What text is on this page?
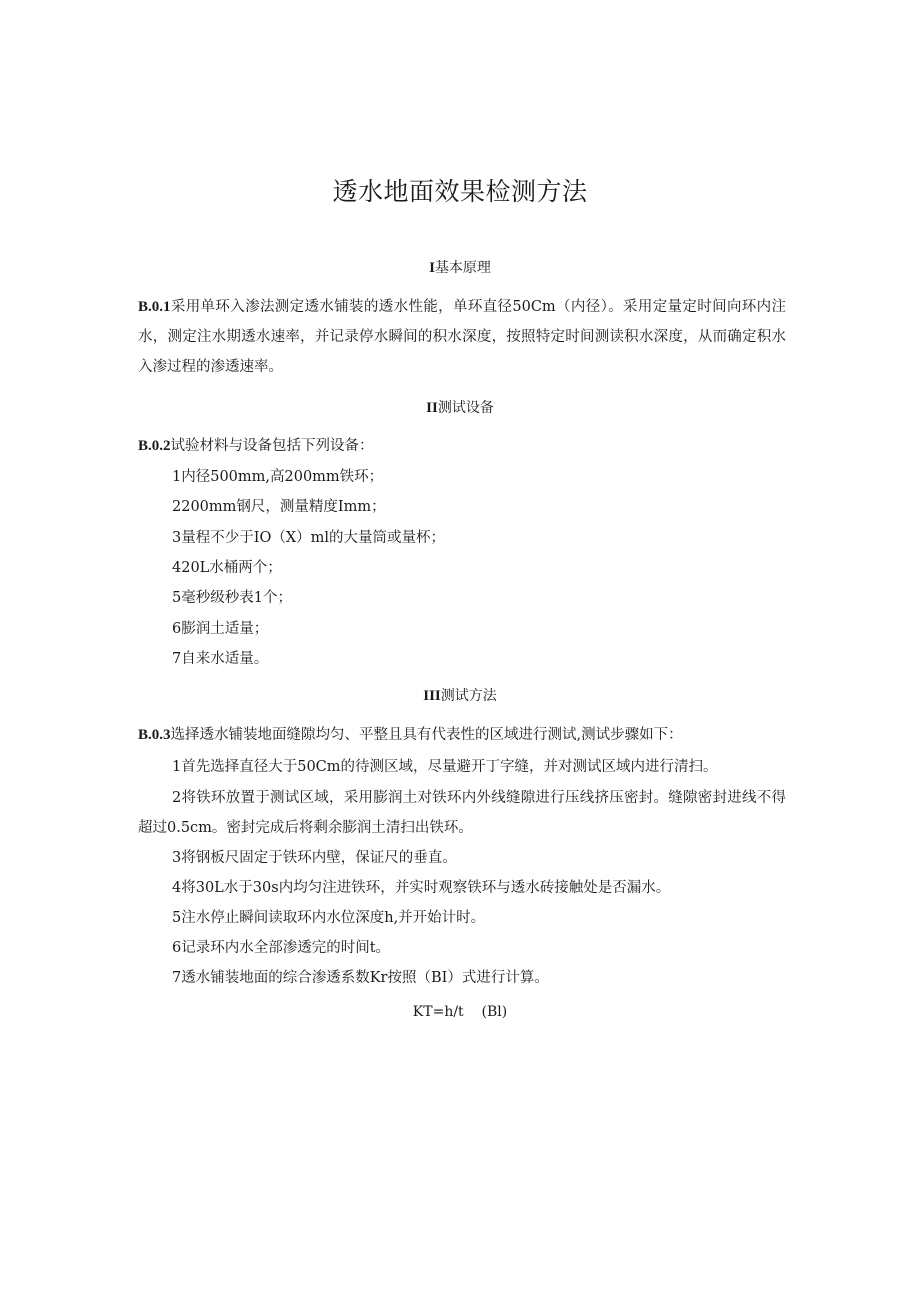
透水地面效果检测方法
I基本原理

B.0.1采用单环入渗法测定透水铺装的透水性能，单环直径50Cm（内径）。采用定量定时间向环内注水，测定注水期透水速率，并记录停水瞬间的积水深度，按照特定时间测读积水深度，从而确定积水入渗过程的渗透速率。

II测试设备

B.0.2试验材料与设备包括下列设备：

1内径500mm,高200mm铁环；

2200mm钢尺，测量精度Imm；

3量程不少于IO（X）ml的大量筒或量杯；

420L水桶两个；

5毫秒级秒表1个；

6膨润土适量；

7自来水适量。

III测试方法

B.0.3选择透水铺装地面缝隙均匀、平整且具有代表性的区域进行测试,测试步骤如下：

1首先选择直径大于50Cm的待测区域，尽量避开丁字缝，并对测试区域内进行清扫。

2将铁环放置于测试区域，采用膨润土对铁环内外线缝隙进行压线挤压密封。缝隙密封进线不得超过0.5cm。密封完成后将剩余膨润土清扫出铁环。

3将钢板尺固定于铁环内壁，保证尺的垂直。

4将30L水于30s内均匀注进铁环，并实时观察铁环与透水砖接触处是否漏水。

5注水停止瞬间读取环内水位深度h,并开始计时。

6记录环内水全部渗透完的时间t。

7透水铺装地面的综合渗透系数Kr按照（BI）式进行计算。

KT=h/t (Bl)
